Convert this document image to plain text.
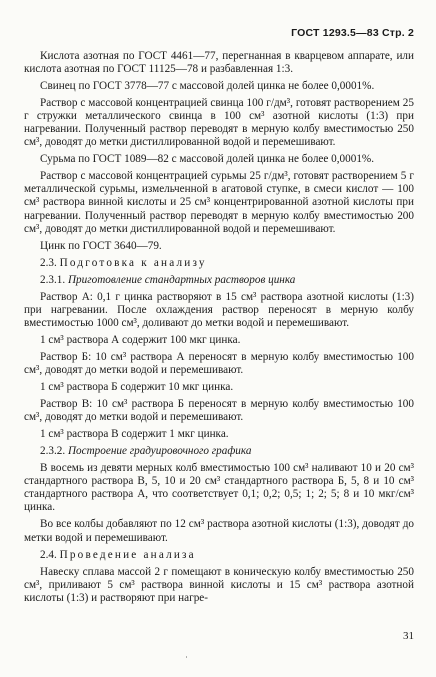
ГОСТ 1293.5—83 Стр. 2

Кислота азотная по ГОСТ 4461—77, перегнанная в кварцевом аппарате, или кислота азотная по ГОСТ 11125—78 и разбавленная 1:3.

Свинец по ГОСТ 3778—77 с массовой долей цинка не более 0,0001%.

Раствор с массовой концентрацией свинца 100 г/дм³, готовят растворением 25 г стружки металлического свинца в 100 см³ азотной кислоты (1:3) при нагревании. Полученный раствор переводят в мерную колбу вместимостью 250 см³, доводят до метки дистиллированной водой и перемешивают.

Сурьма по ГОСТ 1089—82 с массовой долей цинка не более 0,0001%.

Раствор с массовой концентрацией сурьмы 25 г/дм³, готовят растворением 5 г металлической сурьмы, измельченной в агатовой ступке, в смеси кислот — 100 см³ раствора винной кислоты и 25 см³ концентрированной азотной кислоты при нагревании. Полученный раствор переводят в мерную колбу вместимостью 200 см³, доводят до метки дистиллированной водой и перемешивают.

Цинк по ГОСТ 3640—79.

2.3. Подготовка к анализу

2.3.1. Приготовление стандартных растворов цинка

Раствор А: 0,1 г цинка растворяют в 15 см³ раствора азотной кислоты (1:3) при нагревании. После охлаждения раствор переносят в мерную колбу вместимостью 1000 см³, доливают до метки водой и перемешивают.

1 см³ раствора А содержит 100 мкг цинка.

Раствор Б: 10 см³ раствора А переносят в мерную колбу вместимостью 100 см³, доводят до метки водой и перемешивают.

1 см³ раствора Б содержит 10 мкг цинка.

Раствор В: 10 см³ раствора Б переносят в мерную колбу вместимостью 100 см³, доводят до метки водой и перемешивают.

1 см³ раствора В содержит 1 мкг цинка.

2.3.2. Построение градуировочного графика

В восемь из девяти мерных колб вместимостью 100 см³ наливают 10 и 20 см³ стандартного раствора В, 5, 10 и 20 см³ стандартного раствора Б, 5, 8 и 10 см³ стандартного раствора А, что соответствует 0,1; 0,2; 0,5; 1; 2; 5; 8 и 10 мкг/см³ цинка.

Во все колбы добавляют по 12 см³ раствора азотной кислоты (1:3), доводят до метки водой и перемешивают.

2.4. Проведение анализа

Навеску сплава массой 2 г помещают в коническую колбу вместимостью 250 см³, приливают 5 см³ раствора винной кислоты и 15 см³ раствора азотной кислоты (1:3) и растворяют при нагре-

31
˙
